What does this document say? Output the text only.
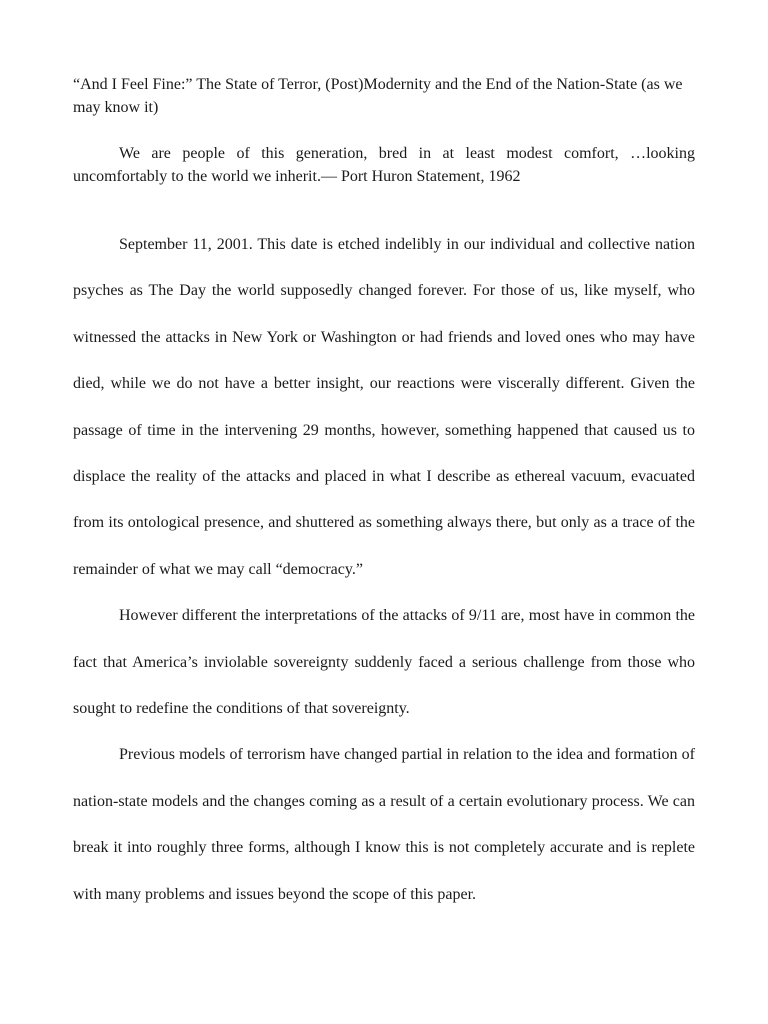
“And I Feel Fine:” The State of Terror, (Post)Modernity and the End of the Nation-State (as we may know it)

We are people of this generation, bred in at least modest comfort, …looking uncomfortably to the world we inherit.— Port Huron Statement, 1962

September 11, 2001. This date is etched indelibly in our individual and collective nation psyches as The Day the world supposedly changed forever. For those of us, like myself, who witnessed the attacks in New York or Washington or had friends and loved ones who may have died, while we do not have a better insight, our reactions were viscerally different. Given the passage of time in the intervening 29 months, however, something happened that caused us to displace the reality of the attacks and placed in what I describe as ethereal vacuum, evacuated from its ontological presence, and shuttered as something always there, but only as a trace of the remainder of what we may call “democracy.”

However different the interpretations of the attacks of 9/11 are, most have in common the fact that America’s inviolable sovereignty suddenly faced a serious challenge from those who sought to redefine the conditions of that sovereignty.

Previous models of terrorism have changed partial in relation to the idea and formation of nation-state models and the changes coming as a result of a certain evolutionary process. We can break it into roughly three forms, although I know this is not completely accurate and is replete with many problems and issues beyond the scope of this paper.
